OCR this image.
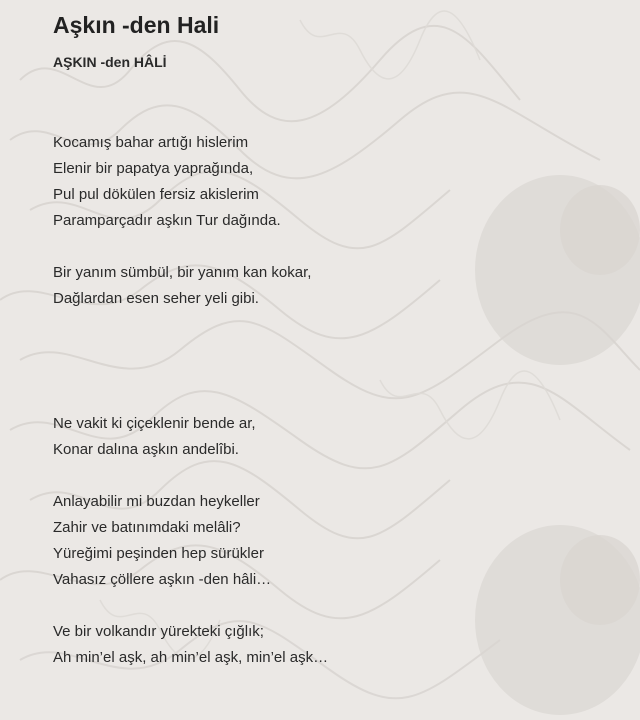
Aşkın -den Hali
AŞKIN -den HÂLİ
Kocamış bahar artığı hislerim
Elenir bir papatya yaprağında,
Pul pul dökülen fersiz akislerim
Paramparçadır aşkın Tur dağında.
Bir yanım sümbül, bir yanım kan kokar,
Dağlardan esen seher yeli gibi.
Ne vakit ki çiçeklenir bende ar,
Konar dalına aşkın andelîbi.
Anlayabilir mi buzdan heykeller
Zahir ve batınımdaki melâli?
Yüreğimi peşinden hep sürükler
Vahasız çöllere aşkın -den hâli…
Ve bir volkandır yürekteki çığlık;
Ah min’el aşk, ah min’el aşk, min’el aşk…
